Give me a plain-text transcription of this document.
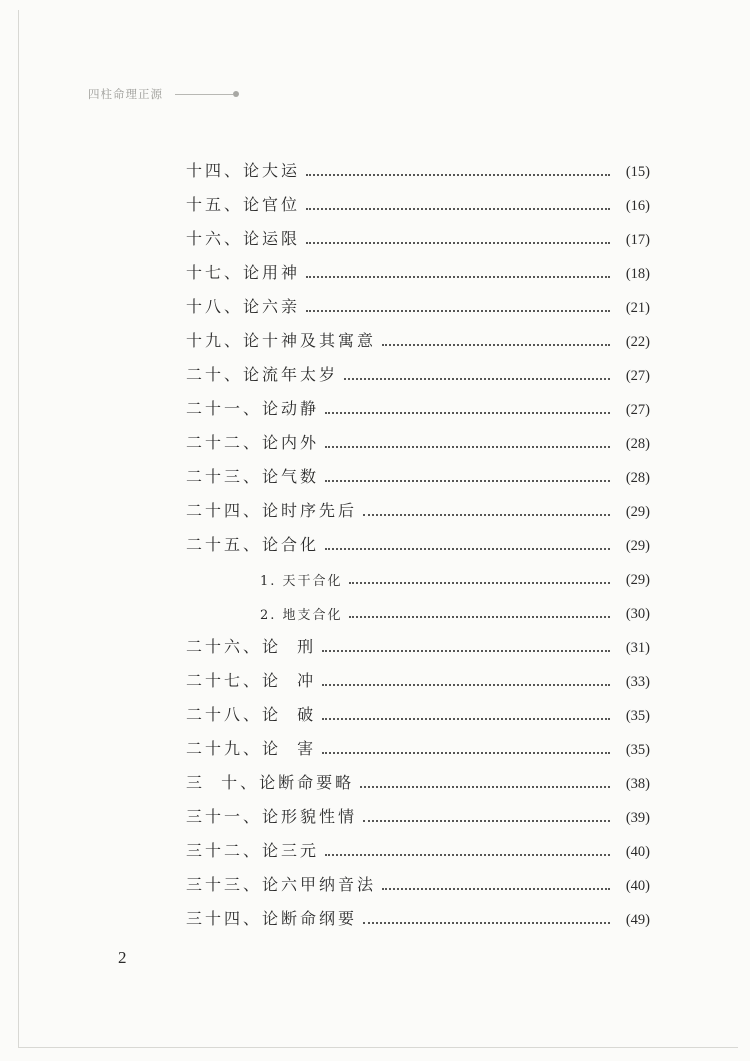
四柱命理正源
十四、论大运	(15)
十五、论官位	(16)
十六、论运限	(17)
十七、论用神	(18)
十八、论六亲	(21)
十九、论十神及其寓意	(22)
二十、论流年太岁	(27)
二十一、论动静	(27)
二十二、论内外	(28)
二十三、论气数	(28)
二十四、论时序先后	(29)
二十五、论合化	(29)
1. 天干合化	(29)
2. 地支合化	(30)
二十六、论  刑	(31)
二十七、论  冲	(33)
二十八、论  破	(35)
二十九、论  害	(35)
三  十、论断命要略	(38)
三十一、论形貌性情	(39)
三十二、论三元	(40)
三十三、论六甲纳音法	(40)
三十四、论断命纲要	(49)
2
